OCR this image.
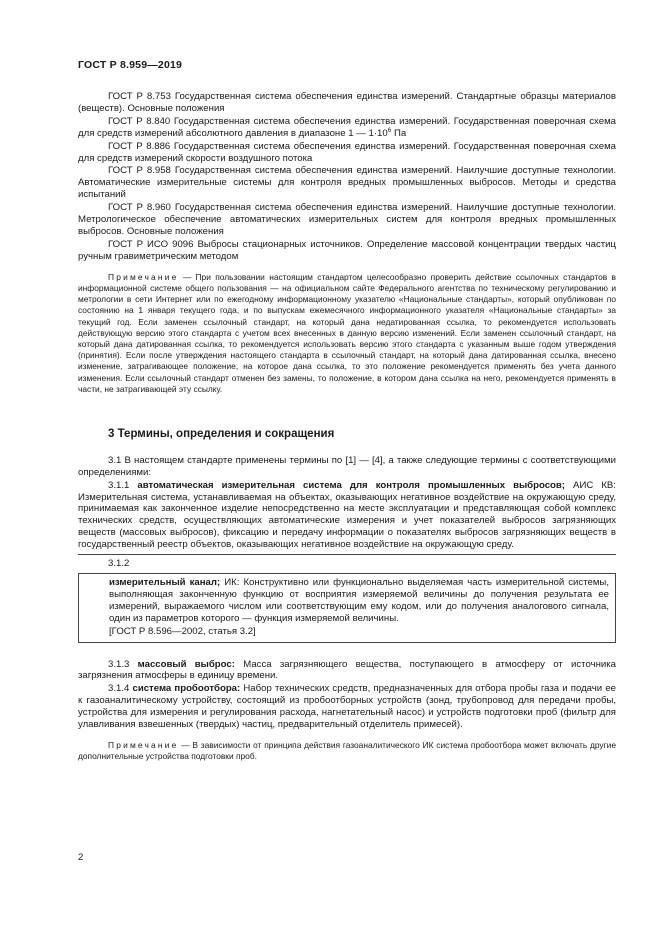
ГОСТ Р 8.959—2019

ГОСТ Р 8.753 Государственная система обеспечения единства измерений. Стандартные образцы материалов (веществ). Основные положения

ГОСТ Р 8.840 Государственная система обеспечения единства измерений. Государственная поверочная схема для средств измерений абсолютного давления в диапазоне 1 — $1\cdot 10^6$ Па

ГОСТ Р 8.886 Государственная система обеспечения единства измерений. Государственная поверочная схема для средств измерений скорости воздушного потока

ГОСТ Р 8.958 Государственная система обеспечения единства измерений. Наилучшие доступные технологии. Автоматические измерительные системы для контроля вредных промышленных выбросов. Методы и средства испытаний

ГОСТ Р 8.960 Государственная система обеспечения единства измерений. Наилучшие доступные технологии. Метрологическое обеспечение автоматических измерительных систем для контроля вредных промышленных выбросов. Основные положения

ГОСТ Р ИСО 9096 Выбросы стационарных источников. Определение массовой концентрации твердых частиц ручным гравиметрическим методом

Примечание — При пользовании настоящим стандартом целесообразно проверить действие ссылочных стандартов в информационной системе общего пользования — на официальном сайте Федерального агентства по техническому регулированию и метрологии в сети Интернет или по ежегодному информационному указателю «Национальные стандарты», который опубликован по состоянию на 1 января текущего года, и по выпускам ежемесячного информационного указателя «Национальные стандарты» за текущий год. Если заменен ссылочный стандарт, на который дана недатированная ссылка, то рекомендуется использовать действующую версию этого стандарта с учетом всех внесенных в данную версию изменений. Если заменен ссылочный стандарт, на который дана датированная ссылка, то рекомендуется использовать версию этого стандарта с указанным выше годом утверждения (принятия). Если после утверждения настоящего стандарта в ссылочный стандарт, на который дана датированная ссылка, внесено изменение, затрагивающее положение, на которое дана ссылка, то это положение рекомендуется применять без учета данного изменения. Если ссылочный стандарт отменен без замены, то положение, в котором дана ссылка на него, рекомендуется применять в части, не затрагивающей эту ссылку.

3 Термины, определения и сокращения

3.1 В настоящем стандарте применены термины по [1] — [4], а также следующие термины с соответствующими определениями:

3.1.1 автоматическая измерительная система для контроля промышленных выбросов; АИС КВ: Измерительная система, устанавливаемая на объектах, оказывающих негативное воздействие на окружающую среду, принимаемая как законченное изделие непосредственно на месте эксплуатации и представляющая собой комплекс технических средств, осуществляющих автоматические измерения и учет показателей выбросов загрязняющих веществ (массовых выбросов), фиксацию и передачу информации о показателях выбросов загрязняющих веществ в государственный реестр объектов, оказывающих негативное воздействие на окружающую среду.

3.1.2

измерительный канал; ИК: Конструктивно или функционально выделяемая часть измерительной системы, выполняющая законченную функцию от восприятия измеряемой величины до получения результата ее измерений, выражаемого числом или соответствующим ему кодом, или до получения аналогового сигнала, один из параметров которого — функция измеряемой величины.
[ГОСТ Р 8.596—2002, статья 3.2]

3.1.3 массовый выброс: Масса загрязняющего вещества, поступающего в атмосферу от источника загрязнения атмосферы в единицу времени.

3.1.4 система пробоотбора: Набор технических средств, предназначенных для отбора пробы газа и подачи ее к газоаналитическому устройству, состоящий из пробоотборных устройств (зонд, трубопровод для передачи пробы, устройства для измерения и регулирования расхода, нагнетательный насос) и устройств подготовки проб (фильтр для улавливания взвешенных (твердых) частиц, предварительный отделитель примесей).

Примечание — В зависимости от принципа действия газоаналитического ИК система пробоотбора может включать другие дополнительные устройства подготовки проб.

2
